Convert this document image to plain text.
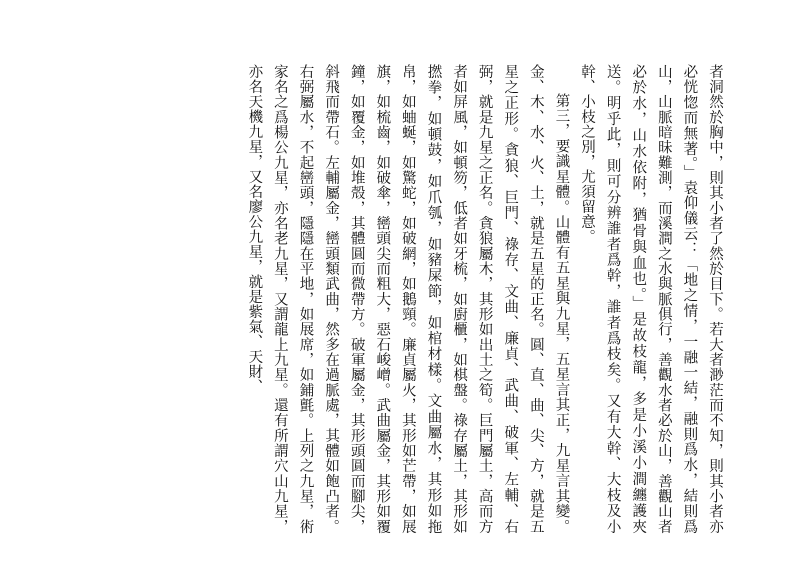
者洞然於胸中，則其小者了然於目下。若大者渺茫而不知，則其小者亦必恍惚而無著。」袁仰儀云：「地之情，一融一結，融則爲水，結則爲山，山脈暗昧難測，而溪澗之水與脈俱行，善觀水者必於山，善觀山者必於水，山水依附，猶骨與血也。」是故枝龍，多是小溪小澗纏護夾送。明乎此，則可分辨誰者爲幹，誰者爲枝矣。又有大幹、大枝及小幹、小枝之別，尤須留意。

第三，要識星體。山體有五星與九星，五星言其正，九星言其變。金、木、水、火、土，就是五星的正名。圓、直、曲、尖、方，就是五星之正形。貪狼、巨門、祿存、文曲、廉貞、武曲、破軍、左輔、右弼，就是九星之正名。貪狼屬木，其形如出土之筍。巨門屬土，高而方者如屏風，如頓笏，低者如牙梳，如廚櫃，如棋盤。祿存屬土，其形如撚拳，如頓鼓，如爪瓠，如豬屎節，如棺材樣。文曲屬水，其形如拖帛，如蚰蜒，如驚蛇，如破網，如鵝頸。廉貞屬火，其形如芒帶，如展旗，如梳齒，如破傘，巒頭尖而粗大，惡石峻嶒。武曲屬金，其形如覆鐘，如覆金，如堆殼，其體圓而微帶方。破軍屬金，其形頭圓而腳尖，斜飛而帶石。左輔屬金，巒頭類武曲，然多在過脈處，其體如飽凸者。右弼屬水，不起巒頭，隱隱在平地，如展席，如鋪氈。上列之九星，術家名之爲楊公九星，亦名老九星，又謂龍上九星。還有所謂穴山九星，亦名天機九星，又名廖公九星，就是紫氣、天財、
